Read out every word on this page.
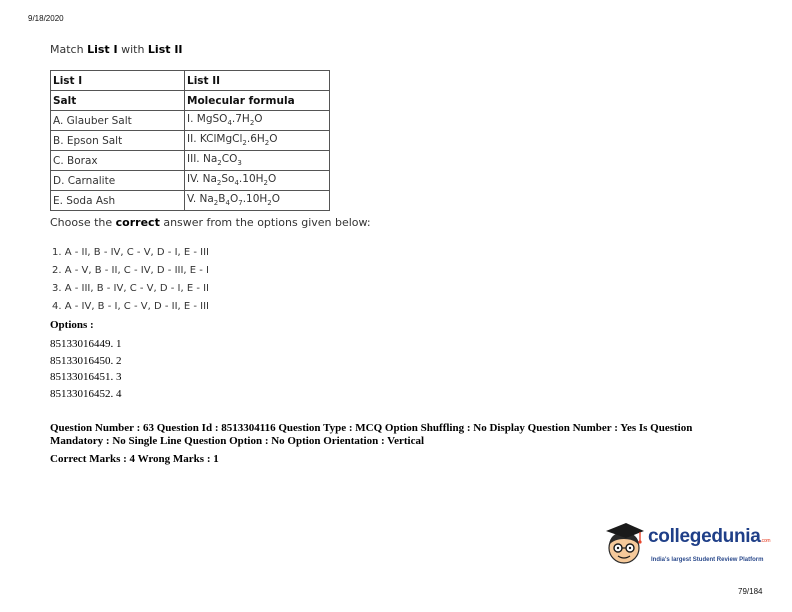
9/18/2020
Match List I with List II
List I	List II
Salt	Molecular formula
A. Glauber Salt	I. $MgSO_4.7H_2O$
B. Epson Salt	II. $KClMgCl_2.6H_2O$
C. Borax	III. $Na_2CO_3$
D. Carnalite	IV. $Na_2So_4.10H_2O$
E. Soda Ash	V. $Na_2B_4O_7.10H_2O$
Choose the correct answer from the options given below:
1. A - II, B - IV, C - V, D - I, E - III
2. A - V, B - II, C - IV, D - III, E - I
3. A - III, B - IV, C - V, D - I, E - II
4. A - IV, B - I, C - V, D - II, E - III
Options :
85133016449. 1
85133016450. 2
85133016451. 3
85133016452. 4
Question Number : 63 Question Id : 8513304116 Question Type : MCQ Option Shuffling : No Display Question Number : Yes Is Question Mandatory : No Single Line Question Option : No Option Orientation : Vertical
Correct Marks : 4 Wrong Marks : 1
collegedunia.com
India's largest Student Review Platform
79/184
